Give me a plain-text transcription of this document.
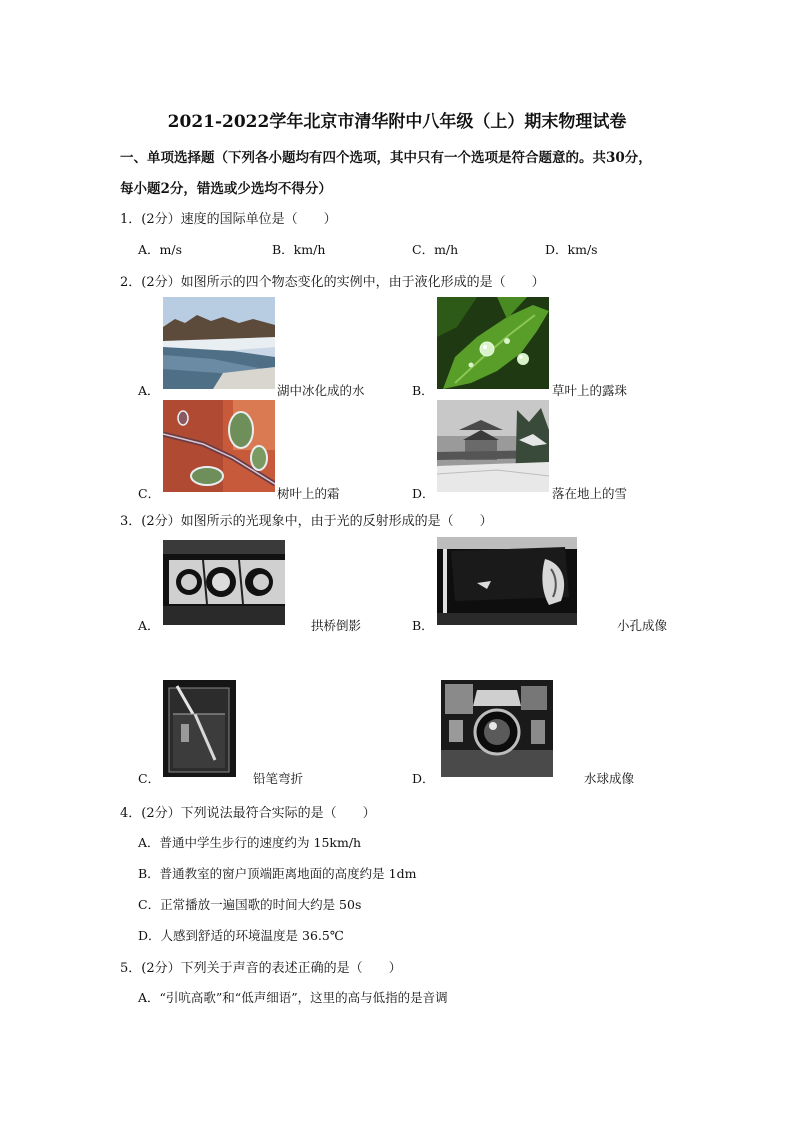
2021-2022学年北京市清华附中八年级（上）期末物理试卷
一、单项选择题（下列各小题均有四个选项，其中只有一个选项是符合题意的。共30分，
每小题2分，错选或少选均不得分）
1．(2分）速度的国际单位是（　　）
A．m/s	B．km/h	C．m/h	D．km/s
2．(2分）如图所示的四个物态变化的实例中，由于液化形成的是（　　）
A．	湖中冰化成的水	B．	草叶上的露珠
C．	树叶上的霜	D．	落在地上的雪
3．(2分）如图所示的光现象中，由于光的反射形成的是（　　）
A．	拱桥倒影	B．	小孔成像
C．	铅笔弯折	D．	水球成像
4．(2分）下列说法最符合实际的是（　　）
A．普通中学生步行的速度约为 15km/h
B．普通教室的窗户顶端距离地面的高度约是 1dm
C．正常播放一遍国歌的时间大约是 50s
D．人感到舒适的环境温度是 36.5℃
5．(2分）下列关于声音的表述正确的是（　　）
A．“引吭高歌”和“低声细语”，这里的高与低指的是音调
